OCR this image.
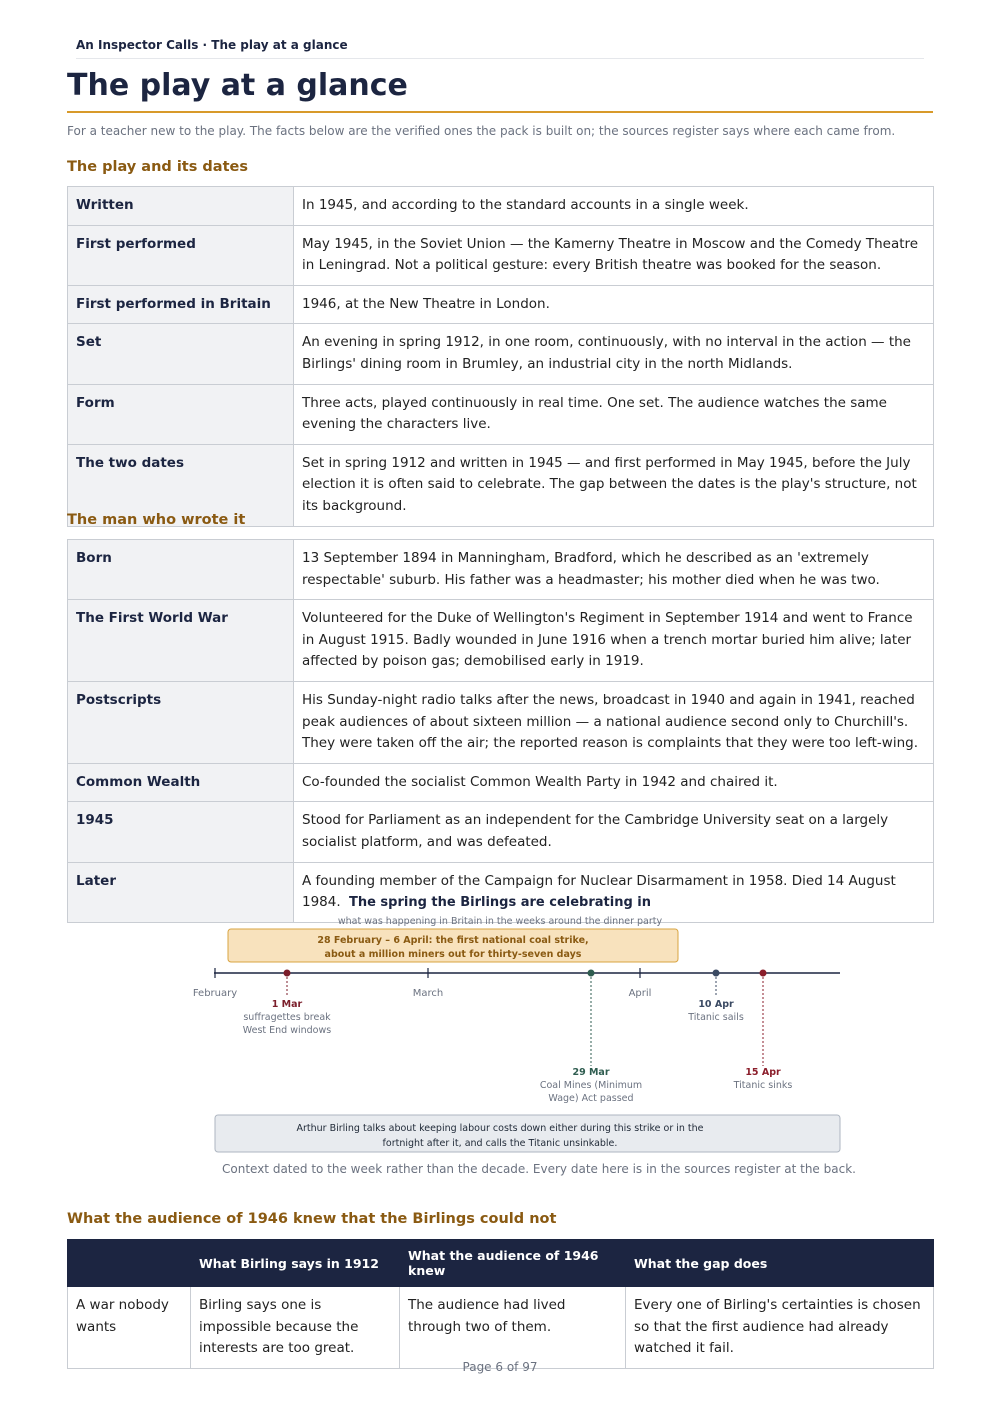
An Inspector Calls · The play at a glance
The play at a glance
For a teacher new to the play. The facts below are the verified ones the pack is built on; the sources register says where each came from.
The play and its dates
Written	In 1945, and according to the standard accounts in a single week.
First performed	May 1945, in the Soviet Union — the Kamerny Theatre in Moscow and the Comedy Theatre in Leningrad. Not a political gesture: every British theatre was booked for the season.
First performed in Britain	1946, at the New Theatre in London.
Set	An evening in spring 1912, in one room, continuously, with no interval in the action — the Birlings' dining room in Brumley, an industrial city in the north Midlands.
Form	Three acts, played continuously in real time. One set. The audience watches the same evening the characters live.
The two dates	Set in spring 1912 and written in 1945 — and first performed in May 1945, before the July election it is often said to celebrate. The gap between the dates is the play's structure, not its background.
The man who wrote it
Born	13 September 1894 in Manningham, Bradford, which he described as an 'extremely respectable' suburb. His father was a headmaster; his mother died when he was two.
The First World War	Volunteered for the Duke of Wellington's Regiment in September 1914 and went to France in August 1915. Badly wounded in June 1916 when a trench mortar buried him alive; later affected by poison gas; demobilised early in 1919.
Postscripts	His Sunday-night radio talks after the news, broadcast in 1940 and again in 1941, reached peak audiences of about sixteen million — a national audience second only to Churchill's. They were taken off the air; the reported reason is complaints that they were too left-wing.
Common Wealth	Co-founded the socialist Common Wealth Party in 1942 and chaired it.
1945	Stood for Parliament as an independent for the Cambridge University seat on a largely socialist platform, and was defeated.
Later	A founding member of the Campaign for Nuclear Disarmament in 1958. Died 14 August 1984. The spring the Birlings are celebrating in
what was happening in Britain in the weeks around the dinner party
28 February – 6 April: the first national coal strike,
about a million miners out for thirty-seven days
February	March	April
1 Mar
suffragettes break
West End windows
29 Mar
Coal Mines (Minimum
Wage) Act passed
10 Apr
Titanic sails
15 Apr
Titanic sinks
Arthur Birling talks about keeping labour costs down either during this strike or in the
fortnight after it, and calls the Titanic unsinkable.
Context dated to the week rather than the decade. Every date here is in the sources register at the back.
What the audience of 1946 knew that the Birlings could not
	What Birling says in 1912	What the audience of 1946 knew	What the gap does
A war nobody wants	Birling says one is impossible because the interests are too great.	The audience had lived through two of them.	Every one of Birling's certainties is chosen so that the first audience had already watched it fail.
Page 6 of 97
